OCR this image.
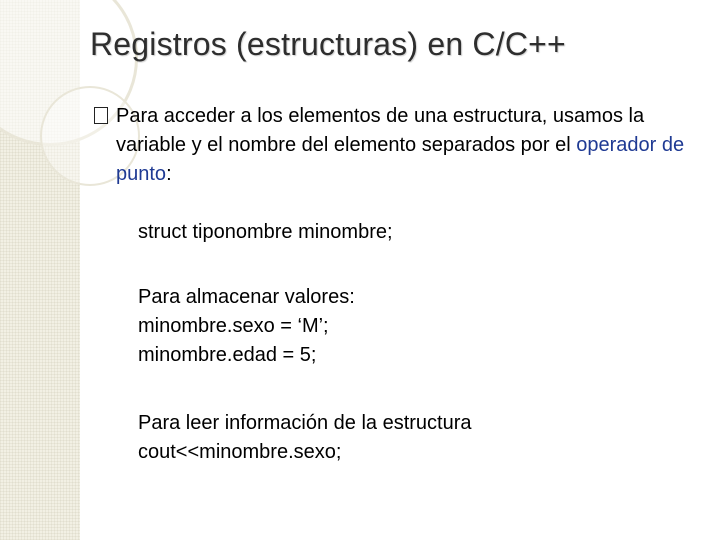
Registros (estructuras) en C/C++
Para acceder a los elementos de una estructura, usamos la variable y el nombre del elemento separados por el operador de punto:
struct tiponombre minombre;
Para almacenar valores:
minombre.sexo = ‘M’;
minombre.edad = 5;
Para leer información de la estructura
cout<<minombre.sexo;
